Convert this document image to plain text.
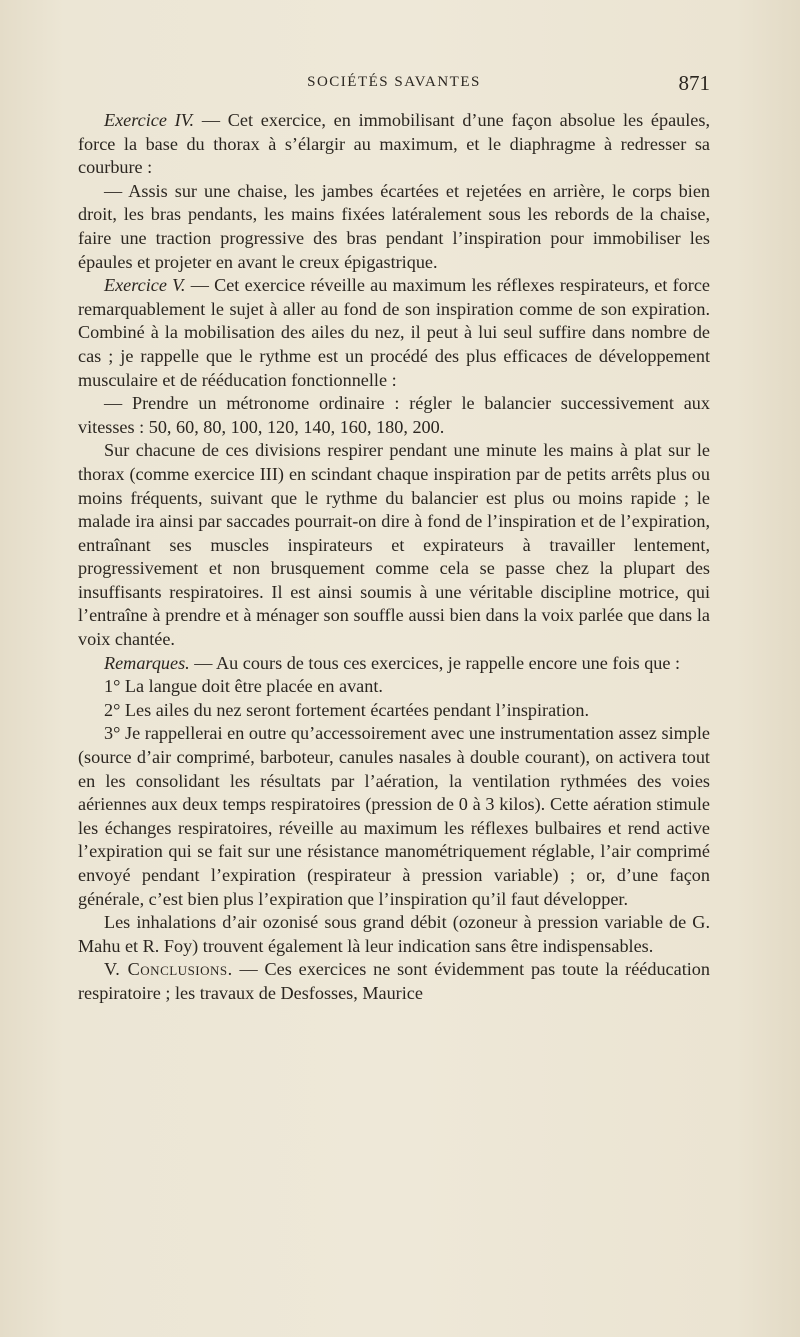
SOCIÉTÉS SAVANTES	871

Exercice IV. — Cet exercice, en immobilisant d’une façon absolue les épaules, force la base du thorax à s’élargir au maximum, et le diaphragme à redresser sa courbure :

— Assis sur une chaise, les jambes écartées et rejetées en arrière, le corps bien droit, les bras pendants, les mains fixées latéralement sous les rebords de la chaise, faire une traction progressive des bras pendant l’inspiration pour immobiliser les épaules et projeter en avant le creux épigastrique.

Exercice V. — Cet exercice réveille au maximum les réflexes respirateurs, et force remarquablement le sujet à aller au fond de son inspiration comme de son expiration. Combiné à la mobilisation des ailes du nez, il peut à lui seul suffire dans nombre de cas ; je rappelle que le rythme est un procédé des plus efficaces de développement musculaire et de rééducation fonctionnelle :

— Prendre un métronome ordinaire : régler le balancier successivement aux vitesses : 50, 60, 80, 100, 120, 140, 160, 180, 200.

Sur chacune de ces divisions respirer pendant une minute les mains à plat sur le thorax (comme exercice III) en scindant chaque inspiration par de petits arrêts plus ou moins fréquents, suivant que le rythme du balancier est plus ou moins rapide ; le malade ira ainsi par saccades pourrait-on dire à fond de l’inspiration et de l’expiration, entraînant ses muscles inspirateurs et expirateurs à travailler lentement, progressivement et non brusquement comme cela se passe chez la plupart des insuffisants respiratoires. Il est ainsi soumis à une véritable discipline motrice, qui l’entraîne à prendre et à ménager son souffle aussi bien dans la voix parlée que dans la voix chantée.

Remarques. — Au cours de tous ces exercices, je rappelle encore une fois que :

1° La langue doit être placée en avant.

2° Les ailes du nez seront fortement écartées pendant l’inspiration.

3° Je rappellerai en outre qu’accessoirement avec une instrumentation assez simple (source d’air comprimé, barboteur, canules nasales à double courant), on activera tout en les consolidant les résultats par l’aération, la ventilation rythmées des voies aériennes aux deux temps respiratoires (pression de 0 à 3 kilos). Cette aération stimule les échanges respiratoires, réveille au maximum les réflexes bulbaires et rend active l’expiration qui se fait sur une résistance manométriquement réglable, l’air comprimé envoyé pendant l’expiration (respirateur à pression variable) ; or, d’une façon générale, c’est bien plus l’expiration que l’inspiration qu’il faut développer.

Les inhalations d’air ozonisé sous grand débit (ozoneur à pression variable de G. Mahu et R. Foy) trouvent également là leur indication sans être indispensables.

V. Conclusions. — Ces exercices ne sont évidemment pas toute la rééducation respiratoire ; les travaux de Desfosses, Maurice
